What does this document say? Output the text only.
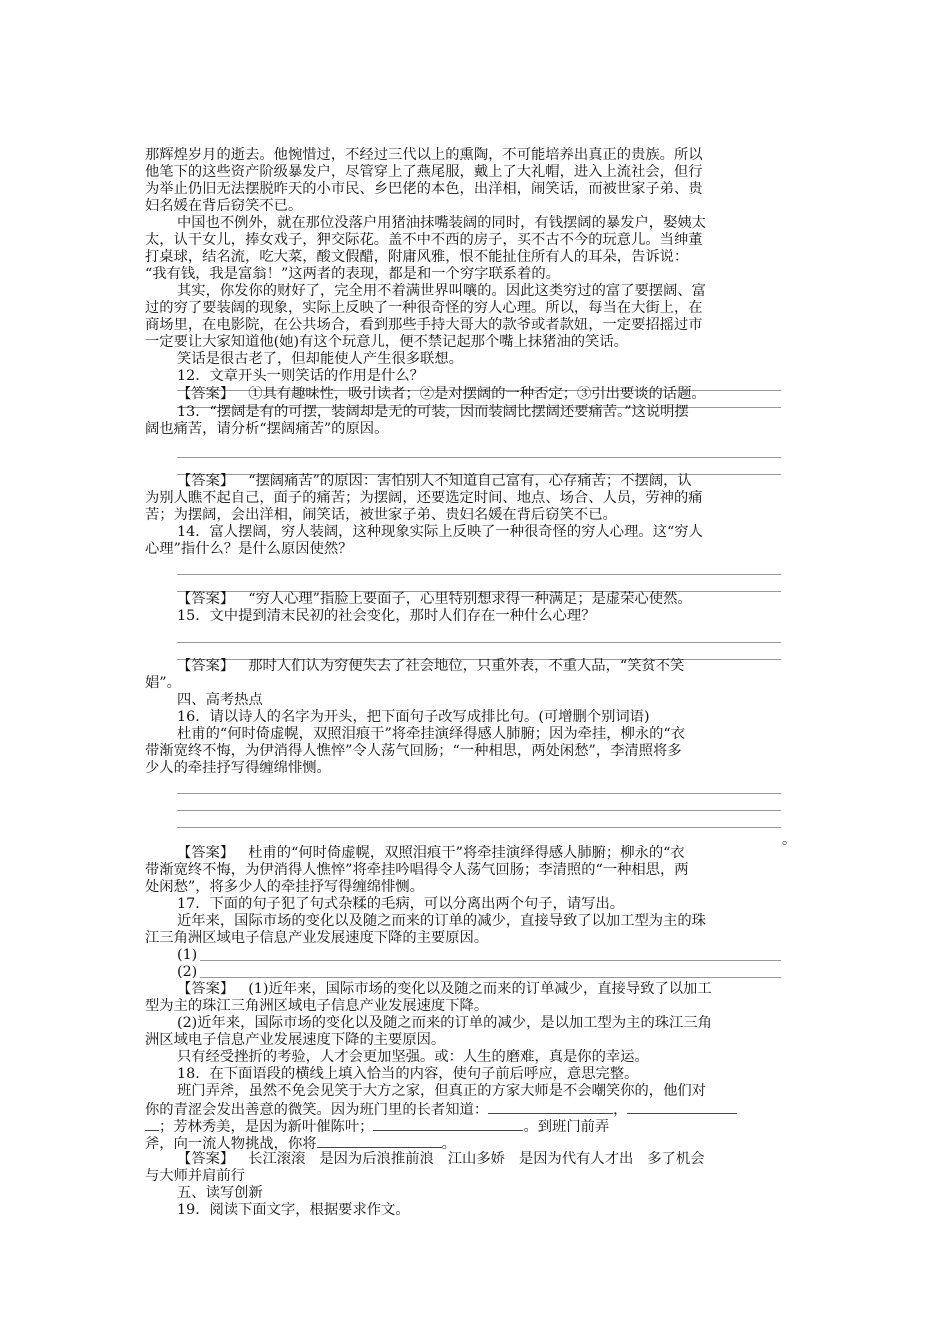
那辉煌岁月的逝去。他惋惜过，不经过三代以上的熏陶，不可能培养出真正的贵族。所以
他笔下的这些资产阶级暴发户，尽管穿上了燕尾服，戴上了大礼帽，进入上流社会，但行
为举止仍旧无法摆脱昨天的小市民、乡巴佬的本色，出洋相，闹笑话，而被世家子弟、贵
妇名媛在背后窃笑不已。
中国也不例外，就在那位没落户用猪油抹嘴装阔的同时，有钱摆阔的暴发户，娶姨太
太，认干女儿，捧女戏子，狎交际花。盖不中不西的房子，买不古不今的玩意儿。当绅董
打桌球，结名流，吃大菜，酸文假醋，附庸风雅，恨不能扯住所有人的耳朵，告诉说：
“我有钱，我是富翁！”这两者的表现，都是和一个穷字联系着的。
其实，你发你的财好了，完全用不着满世界叫嚷的。因此这类穷过的富了要摆阔、富
过的穷了要装阔的现象，实际上反映了一种很奇怪的穷人心理。所以，每当在大街上，在
商场里，在电影院，在公共场合，看到那些手持大哥大的款爷或者款妞，一定要招摇过市
一定要让大家知道他(她)有这个玩意儿，便不禁记起那个嘴上抹猪油的笑话。
笑话是很古老了，但却能使人产生很多联想。
12．文章开头一则笑话的作用是什么？
【答案】 ①具有趣味性，吸引读者；②是对摆阔的一种否定；③引出要谈的话题。
13．“摆阔是有的可摆，装阔却是无的可装，因而装阔比摆阔还要痛苦。”这说明摆
阔也痛苦，请分析“摆阔痛苦”的原因。
【答案】 “摆阔痛苦”的原因：害怕别人不知道自己富有，心存痛苦；不摆阔，认
为别人瞧不起自己，面子的痛苦；为摆阔，还要选定时间、地点、场合、人员，劳神的痛
苦；为摆阔，会出洋相，闹笑话，被世家子弟、贵妇名媛在背后窃笑不已。
14．富人摆阔，穷人装阔，这种现象实际上反映了一种很奇怪的穷人心理。这“穷人
心理”指什么？是什么原因使然？
【答案】 “穷人心理”指脸上要面子，心里特别想求得一种满足；是虚荣心使然。
15．文中提到清末民初的社会变化，那时人们存在一种什么心理？
【答案】 那时人们认为穷便失去了社会地位，只重外表，不重人品，“笑贫不笑
娼”。
四、高考热点
16．请以诗人的名字为开头，把下面句子改写成排比句。(可增删个别词语)
杜甫的“何时倚虚幌，双照泪痕干”将牵挂演绎得感人肺腑；因为牵挂，柳永的“衣
带渐宽终不悔，为伊消得人憔悴”令人荡气回肠；“一种相思，两处闲愁”，李清照将多
少人的牵挂抒写得缠绵悱恻。
。
【答案】 杜甫的“何时倚虚幌，双照泪痕干”将牵挂演绎得感人肺腑；柳永的“衣
带渐宽终不悔，为伊消得人憔悴”将牵挂吟唱得令人荡气回肠；李清照的“一种相思，两
处闲愁”，将多少人的牵挂抒写得缠绵悱恻。
17．下面的句子犯了句式杂糅的毛病，可以分离出两个句子，请写出。
近年来，国际市场的变化以及随之而来的订单的减少，直接导致了以加工型为主的珠
江三角洲区域电子信息产业发展速度下降的主要原因。
(1)
(2)
【答案】 (1)近年来，国际市场的变化以及随之而来的订单减少，直接导致了以加工
型为主的珠江三角洲区域电子信息产业发展速度下降。
(2)近年来，国际市场的变化以及随之而来的订单的减少，是以加工型为主的珠江三角
洲区域电子信息产业发展速度下降的主要原因。
只有经受挫折的考验，人才会更加坚强。或：人生的磨难，真是你的幸运。
18．在下面语段的横线上填入恰当的内容，使句子前后呼应，意思完整。
班门弄斧，虽然不免会见笑于大方之家，但真正的方家大师是不会嘲笑你的，他们对
你的青涩会发出善意的微笑。因为班门里的长者知道：	，
；芳林秀美，是因为新叶催陈叶；	。到班门前弄
斧，向一流人物挑战，你将	。
【答案】 长江滚滚 是因为后浪推前浪 江山多娇 是因为代有人才出 多了机会
与大师并肩前行
五、读写创新
19．阅读下面文字，根据要求作文。
